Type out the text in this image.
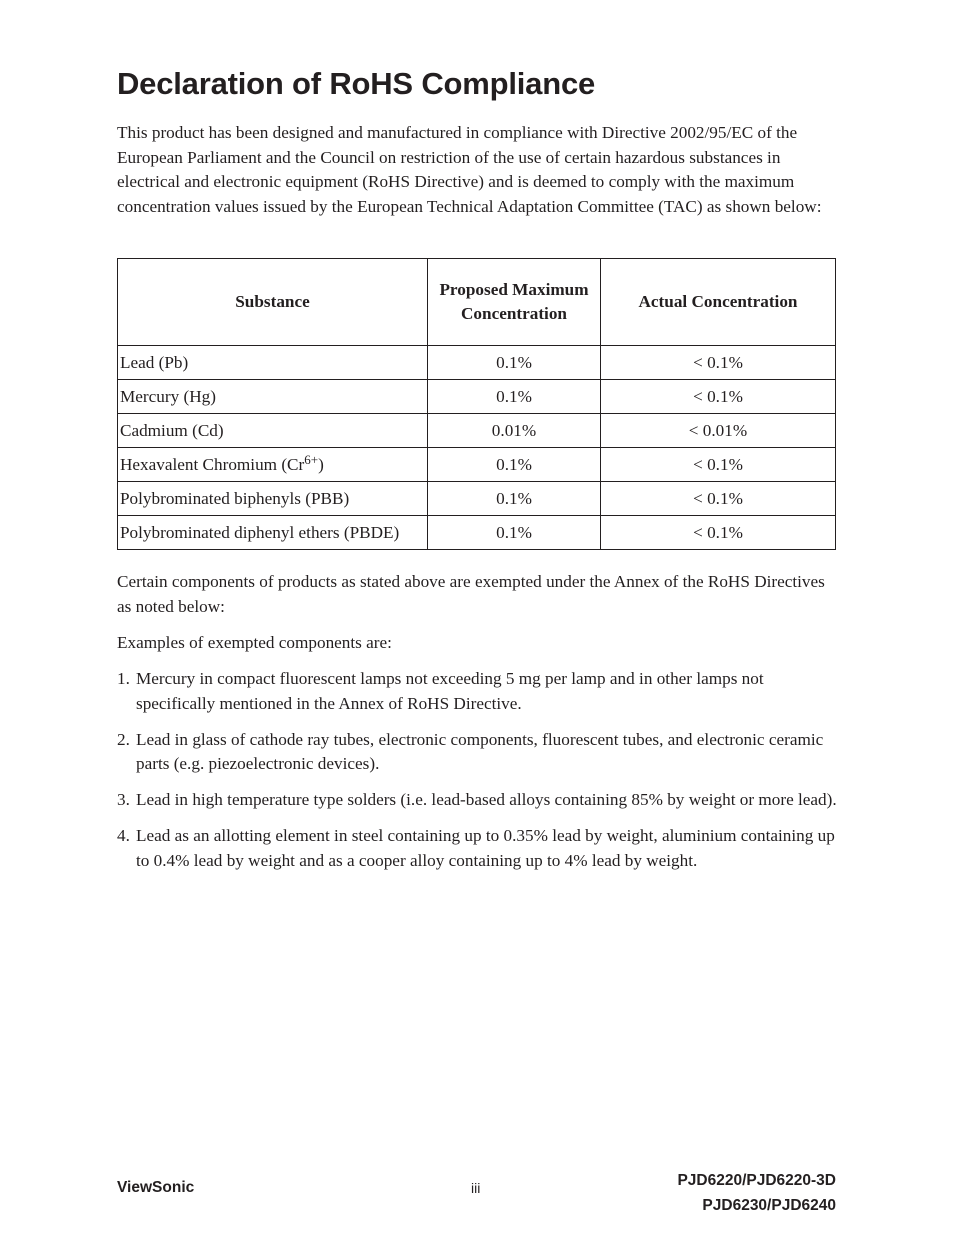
Declaration of RoHS Compliance

This product has been designed and manufactured in compliance with Directive 2002/95/EC of the European Parliament and the Council on restriction of the use of certain hazardous substances in electrical and electronic equipment (RoHS Directive) and is deemed to comply with the maximum concentration values issued by the European Technical Adaptation Committee (TAC) as shown below:

Substance	Proposed Maximum Concentration	Actual Concentration
Lead (Pb)	0.1%	< 0.1%
Mercury (Hg)	0.1%	< 0.1%
Cadmium (Cd)	0.01%	< 0.01%
Hexavalent Chromium $(Cr^{6+})$	0.1%	< 0.1%
Polybrominated biphenyls (PBB)	0.1%	< 0.1%
Polybrominated diphenyl ethers (PBDE)	0.1%	< 0.1%

Certain components of products as stated above are exempted under the Annex of the RoHS Directives as noted below:

Examples of exempted components are:

1. Mercury in compact fluorescent lamps not exceeding 5 mg per lamp and in other lamps not specifically mentioned in the Annex of RoHS Directive.
2. Lead in glass of cathode ray tubes, electronic components, fluorescent tubes, and electronic ceramic parts (e.g. piezoelectronic devices).
3. Lead in high temperature type solders (i.e. lead-based alloys containing 85% by weight or more lead).
4. Lead as an allotting element in steel containing up to 0.35% lead by weight, aluminium containing up to 0.4% lead by weight and as a cooper alloy containing up to 4% lead by weight.
ViewSonic	iii	PJD6220/PJD6220-3D
PJD6230/PJD6240
